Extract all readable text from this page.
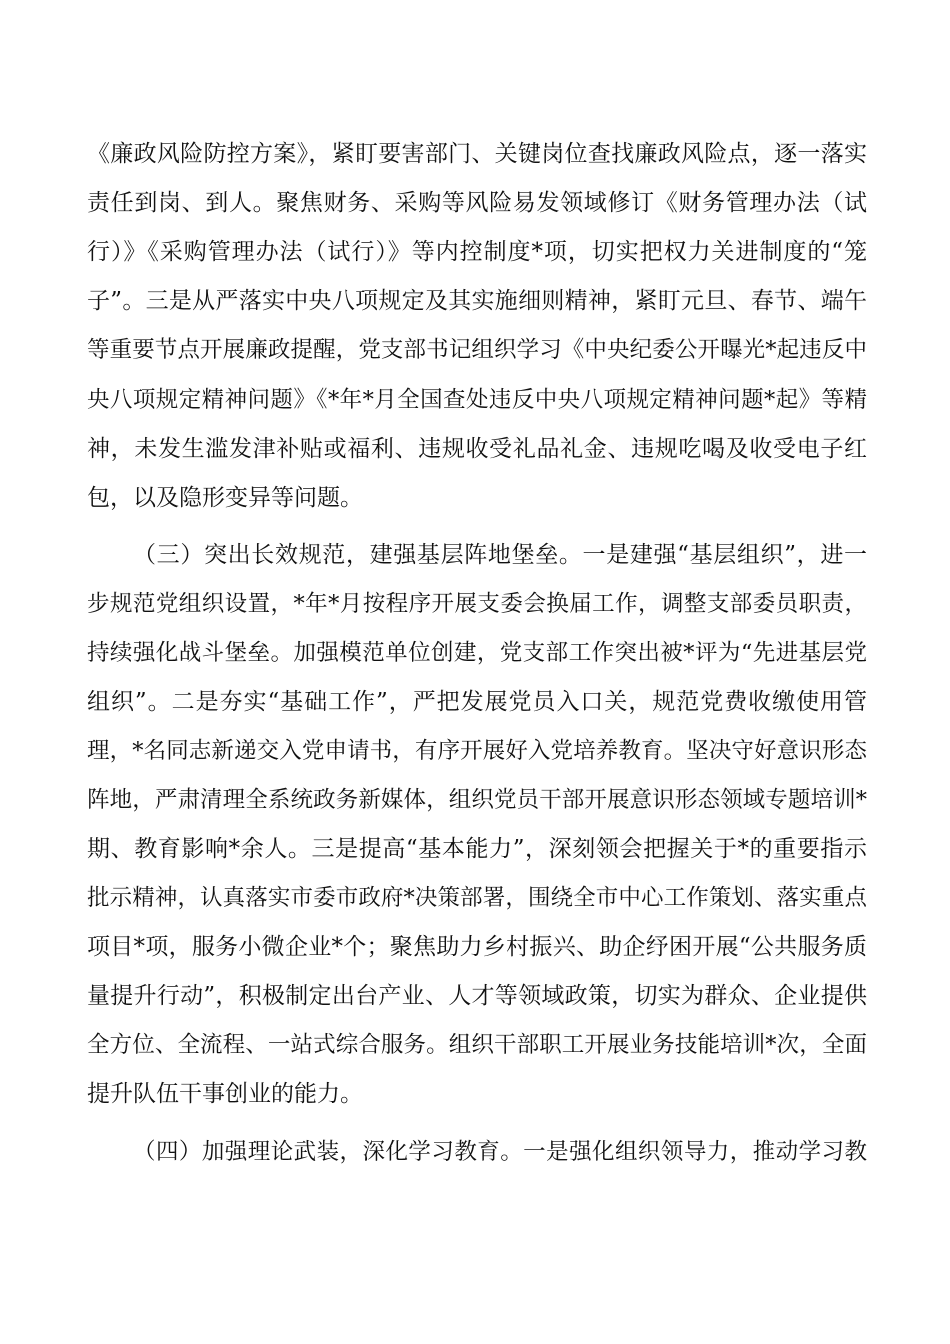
《廉政风险防控方案》，紧盯要害部门、关键岗位查找廉政风险点，逐一落实
责任到岗、到人。聚焦财务、采购等风险易发领域修订《财务管理办法（试
行）》《采购管理办法（试行）》等内控制度*项，切实把权力关进制度的“笼
子”。三是从严落实中央八项规定及其实施细则精神，紧盯元旦、春节、端午
等重要节点开展廉政提醒，党支部书记组织学习《中央纪委公开曝光*起违反中
央八项规定精神问题》《*年*月全国查处违反中央八项规定精神问题*起》等精
神，未发生滥发津补贴或福利、违规收受礼品礼金、违规吃喝及收受电子红
包，以及隐形变异等问题。
（三）突出长效规范，建强基层阵地堡垒。一是建强“基层组织”，进一
步规范党组织设置，*年*月按程序开展支委会换届工作，调整支部委员职责，
持续强化战斗堡垒。加强模范单位创建，党支部工作突出被*评为“先进基层党
组织”。二是夯实“基础工作”，严把发展党员入口关，规范党费收缴使用管
理，*名同志新递交入党申请书，有序开展好入党培养教育。坚决守好意识形态
阵地，严肃清理全系统政务新媒体，组织党员干部开展意识形态领域专题培训*
期、教育影响*余人。三是提高“基本能力”，深刻领会把握关于*的重要指示
批示精神，认真落实市委市政府*决策部署，围绕全市中心工作策划、落实重点
项目*项，服务小微企业*个；聚焦助力乡村振兴、助企纾困开展“公共服务质
量提升行动”，积极制定出台产业、人才等领域政策，切实为群众、企业提供
全方位、全流程、一站式综合服务。组织干部职工开展业务技能培训*次，全面
提升队伍干事创业的能力。
（四）加强理论武装，深化学习教育。一是强化组织领导力，推动学习教
